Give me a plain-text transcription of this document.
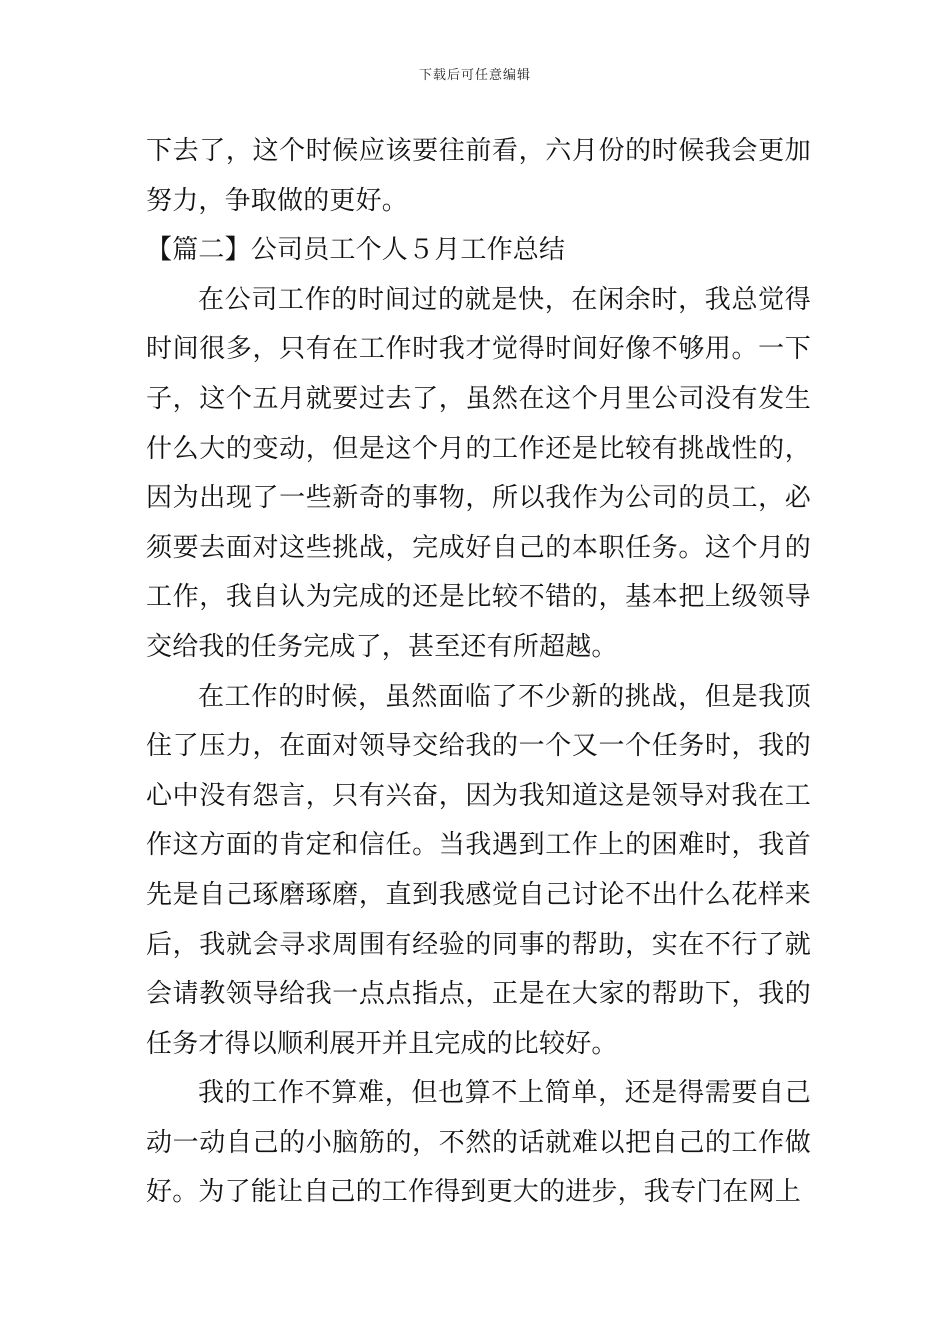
下载后可任意编辑

下去了，这个时候应该要往前看，六月份的时候我会更加努力，争取做的更好。

【篇二】公司员工个人５月工作总结

在公司工作的时间过的就是快，在闲余时，我总觉得时间很多，只有在工作时我才觉得时间好像不够用。一下子，这个五月就要过去了，虽然在这个月里公司没有发生什么大的变动，但是这个月的工作还是比较有挑战性的，因为出现了一些新奇的事物，所以我作为公司的员工，必须要去面对这些挑战，完成好自己的本职任务。这个月的工作，我自认为完成的还是比较不错的，基本把上级领导交给我的任务完成了，甚至还有所超越。

在工作的时候，虽然面临了不少新的挑战，但是我顶住了压力，在面对领导交给我的一个又一个任务时，我的心中没有怨言，只有兴奋，因为我知道这是领导对我在工作这方面的肯定和信任。当我遇到工作上的困难时，我首先是自己琢磨琢磨，直到我感觉自己讨论不出什么花样来后，我就会寻求周围有经验的同事的帮助，实在不行了就会请教领导给我一点点指点，正是在大家的帮助下，我的任务才得以顺利展开并且完成的比较好。

我的工作不算难，但也算不上简单，还是得需要自己动一动自己的小脑筋的，不然的话就难以把自己的工作做好。为了能让自己的工作得到更大的进步，我专门在网上
